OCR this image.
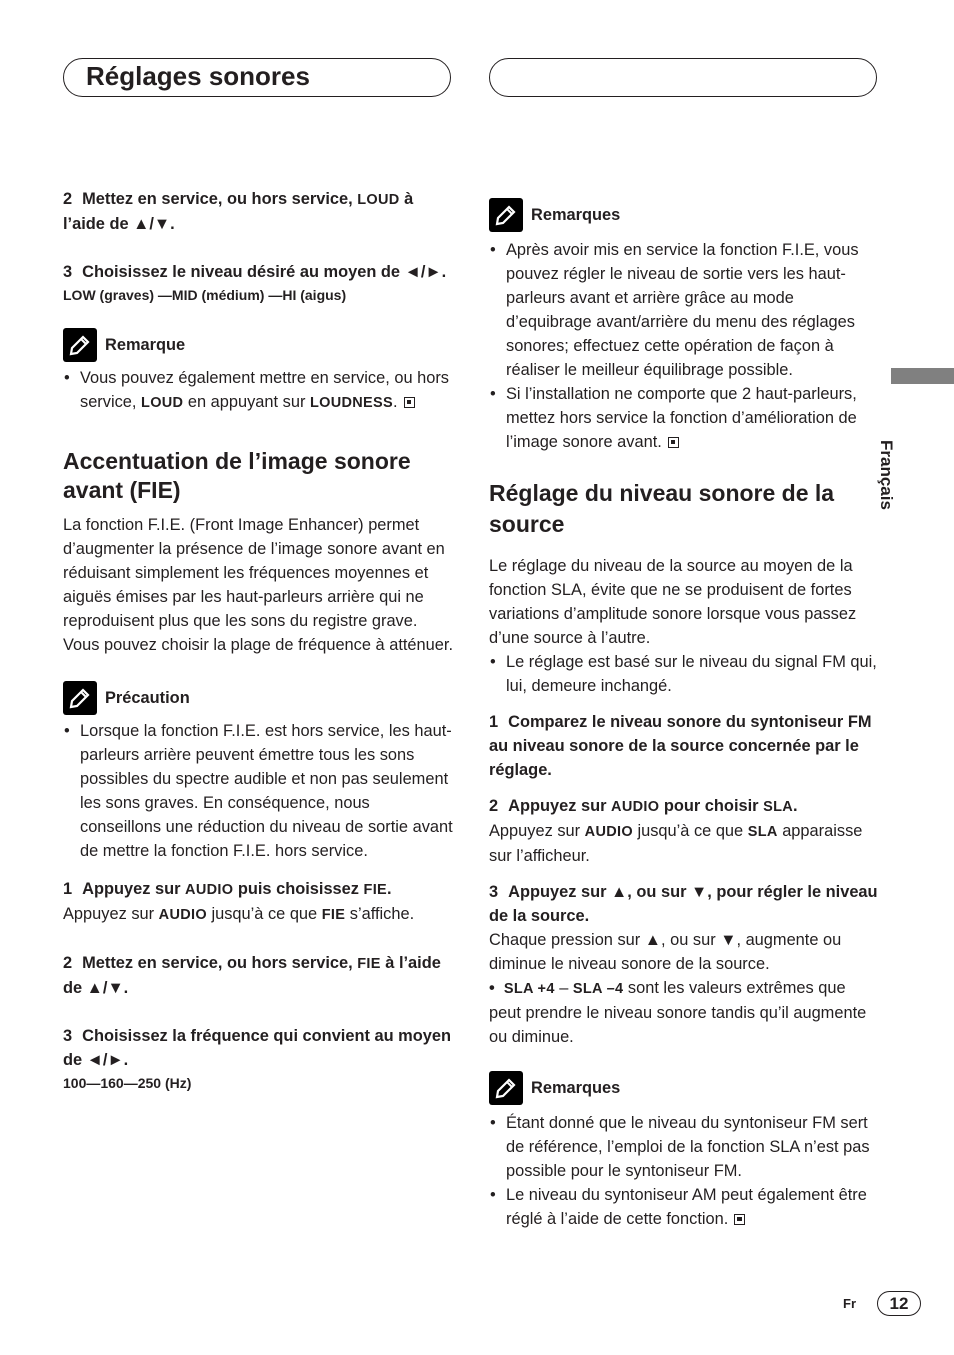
Réglages sonores

2 Mettez en service, ou hors service, LOUD à l’aide de ▲/▼.

3 Choisissez le niveau désiré au moyen de ◄/►.

LOW (graves) —MID (médium) —HI (aigus)

Remarque
• Vous pouvez également mettre en service, ou hors service, LOUD en appuyant sur LOUDNESS.
Accentuation de l’image sonore avant (FIE)

La fonction F.I.E. (Front Image Enhancer) permet d’augmenter la présence de l’image sonore avant en réduisant simplement les fréquences moyennes et aiguës émises par les haut-parleurs arrière qui ne reproduisent plus que les sons du registre grave. Vous pouvez choisir la plage de fréquence à atténuer.

Précaution
• Lorsque la fonction F.I.E. est hors service, les haut-parleurs arrière peuvent émettre tous les sons possibles du spectre audible et non pas seulement les sons graves. En conséquence, nous conseillons une réduction du niveau de sortie avant de mettre la fonction F.I.E. hors service.

1 Appuyez sur AUDIO puis choisissez FIE.

Appuyez sur AUDIO jusqu’à ce que FIE s’affiche.

2 Mettez en service, ou hors service, FIE à l’aide de ▲/▼.

3 Choisissez la fréquence qui convient au moyen de ◄/►.

100—160—250 (Hz)

Remarques
• Après avoir mis en service la fonction F.I.E, vous pouvez régler le niveau de sortie vers les haut-parleurs avant et arrière grâce au mode d’equibrage avant/arrière du menu des réglages sonores; effectuez cette opération de façon à réaliser le meilleur équilibrage possible.
• Si l’installation ne comporte que 2 haut-parleurs, mettez hors service la fonction d’amélioration de l’image sonore avant.
Réglage du niveau sonore de la source

Le réglage du niveau de la source au moyen de la fonction SLA, évite que ne se produisent de fortes variations d’amplitude sonore lorsque vous passez d’une source à l’autre.

• Le réglage est basé sur le niveau du signal FM qui, lui, demeure inchangé.

1 Comparez le niveau sonore du syntoniseur FM au niveau sonore de la source concernée par le réglage.

2 Appuyez sur AUDIO pour choisir SLA.

Appuyez sur AUDIO jusqu’à ce que SLA apparaisse sur l’afficheur.

3 Appuyez sur ▲, ou sur ▼, pour régler le niveau de la source.

Chaque pression sur ▲, ou sur ▼, augmente ou diminue le niveau sonore de la source.

•  SLA +4 – SLA –4 sont les valeurs extrêmes que peut prendre le niveau sonore tandis qu’il augmente ou diminue.

Remarques
• Étant donné que le niveau du syntoniseur FM sert de référence, l’emploi de la fonction SLA n’est pas possible pour le syntoniseur FM.
• Le niveau du syntoniseur AM peut également être réglé à l’aide de cette fonction.
Français
Fr	12
